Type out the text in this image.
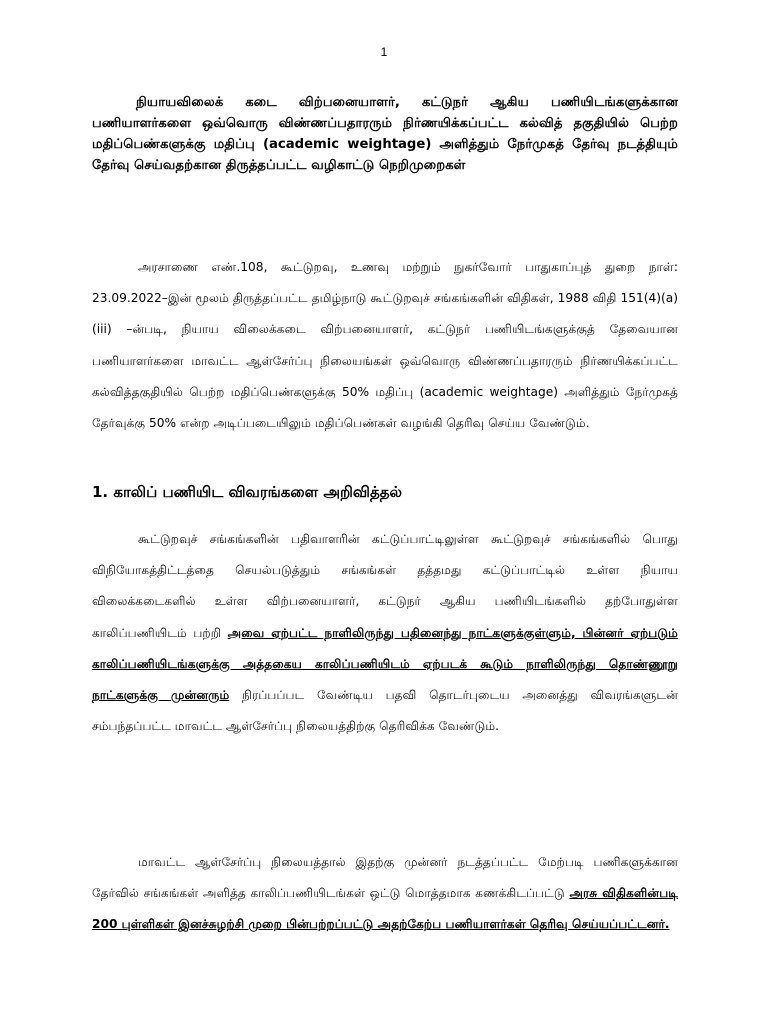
1
நியாயவிலைக் கடை விற்பனையாளர், கட்டுநர் ஆகிய பணியிடங்களுக்கான பணியாளர்களை ஒவ்வொரு விண்ணப்பதாரரும் நிர்ணயிக்கப்பட்ட கல்வித் தகுதியில் பெற்ற மதிப்பெண்களுக்கு மதிப்பு (academic weightage) அளித்தும் நேர்முகத் தேர்வு நடத்தியும் தேர்வு செய்வதற்கான திருத்தப்பட்ட வழிகாட்டு நெறிமுறைகள்
அரசாணை எண்.108, கூட்டுறவு, உணவு மற்றும் நுகர்வோர் பாதுகாப்புத் துறை நாள்: 23.09.2022–இன் மூலம் திருத்தப்பட்ட தமிழ்நாடு கூட்டுறவுச் சங்கங்களின் விதிகள், 1988 விதி 151(4)(a)(iii) –ன்படி, நியாய விலைக்கடை விற்பனையாளர், கட்டுநர் பணியிடங்களுக்குத் தேவையான பணியாளர்களை மாவட்ட ஆள்சேர்ப்பு நிலையங்கள் ஒவ்வொரு விண்ணப்பதாரரும் நிர்ணயிக்கப்பட்ட கல்வித்தகுதியில் பெற்ற மதிப்பெண்களுக்கு 50% மதிப்பு (academic weightage) அளித்தும் நேர்முகத் தேர்வுக்கு 50% என்ற அடிப்படையிலும் மதிப்பெண்கள் வழங்கி தெரிவு செய்ய வேண்டும்.
1. காலிப் பணியிட விவரங்களை அறிவித்தல்
கூட்டுறவுச் சங்கங்களின் பதிவாளரின் கட்டுப்பாட்டிலுள்ள கூட்டுறவுச் சங்கங்களில் பொது விநியோகத்திட்டத்தை செயல்படுத்தும் சங்கங்கள் தத்தமது கட்டுப்பாட்டில் உள்ள நியாய விலைக்கடைகளில் உள்ள விற்பனையாளர், கட்டுநர் ஆகிய பணியிடங்களில் தற்போதுள்ள காலிப்பணியிடம் பற்றி அவை ஏற்பட்ட நாளிலிருந்து பதினைந்து நாட்களுக்குள்ளும், பின்னர் ஏற்படும் காலிப்பணியிடங்களுக்கு அத்தகைய காலிப்பணியிடம் ஏற்படக் கூடும் நாளிலிருந்து தொண்ணூறு நாட்களுக்கு முன்னரும் நிரப்பப்பட வேண்டிய பதவி தொடர்புடைய அனைத்து விவரங்களுடன் சம்பந்தப்பட்ட மாவட்ட ஆள்சேர்ப்பு நிலையத்திற்கு தெரிவிக்க வேண்டும்.
மாவட்ட ஆள்சேர்ப்பு நிலையத்தால் இதற்கு முன்னர் நடத்தப்பட்ட மேற்படி பணிகளுக்கான தேர்வில் சங்கங்கள் அளித்த காலிப்பணியிடங்கள் ஒட்டு மொத்தமாக கணக்கிடப்பட்டு அரசு விதிகளின்படி 200 புள்ளிகள் இனச்சுழற்சி முறை பின்பற்றப்பட்டு அதற்கேற்ப பணியாளர்கள் தெரிவு செய்யப்பட்டனர்.
